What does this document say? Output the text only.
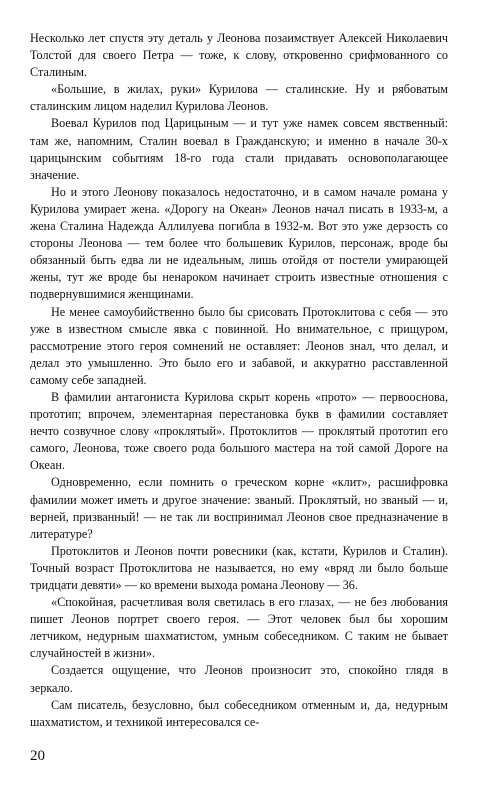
Несколько лет спустя эту деталь у Леонова позаимствует Алексей Николаевич Толстой для своего Петра — тоже, к слову, откровенно срифмованного со Сталиным.

«Большие, в жилах, руки» Курилова — сталинские. Ну и рябоватым сталинским лицом наделил Курилова Леонов.

Воевал Курилов под Царицыным — и тут уже намек совсем явственный: там же, напомним, Сталин воевал в Гражданскую; и именно в начале 30-х царицынским событиям 18-го года стали придавать основополагающее значение.

Но и этого Леонову показалось недостаточно, и в самом начале романа у Курилова умирает жена. «Дорогу на Океан» Леонов начал писать в 1933-м, а жена Сталина Надежда Аллилуева погибла в 1932-м. Вот это уже дерзость со стороны Леонова — тем более что большевик Курилов, персонаж, вроде бы обязанный быть едва ли не идеальным, лишь отойдя от постели умирающей жены, тут же вроде бы ненароком начинает строить известные отношения с подвернувшимися женщинами.

Не менее самоубийственно было бы срисовать Протоклитова с себя — это уже в известном смысле явка с повинной. Но внимательное, с прищуром, рассмотрение этого героя сомнений не оставляет: Леонов знал, что делал, и делал это умышленно. Это было его и забавой, и аккуратно расставленной самому себе западней.

В фамилии антагониста Курилова скрыт корень «прото» — первооснова, прототип; впрочем, элементарная перестановка букв в фамилии составляет нечто созвучное слову «проклятый». Протоклитов — проклятый прототип его самого, Леонова, тоже своего рода большого мастера на той самой Дороге на Океан.

Одновременно, если помнить о греческом корне «клит», расшифровка фамилии может иметь и другое значение: званый. Проклятый, но званый — и, верней, призванный! — не так ли воспринимал Леонов свое предназначение в литературе?

Протоклитов и Леонов почти ровесники (как, кстати, Курилов и Сталин). Точный возраст Протоклитова не называется, но ему «вряд ли было больше тридцати девяти» — ко времени выхода романа Леонову — 36.

«Спокойная, расчетливая воля светилась в его глазах, — не без любования пишет Леонов портрет своего героя. — Этот человек был бы хорошим летчиком, недурным шахматистом, умным собеседником. С таким не бывает случайностей в жизни».

Создается ощущение, что Леонов произносит это, спокойно глядя в зеркало.

Сам писатель, безусловно, был собеседником отменным и, да, недурным шахматистом, и техникой интересовался се-

20
